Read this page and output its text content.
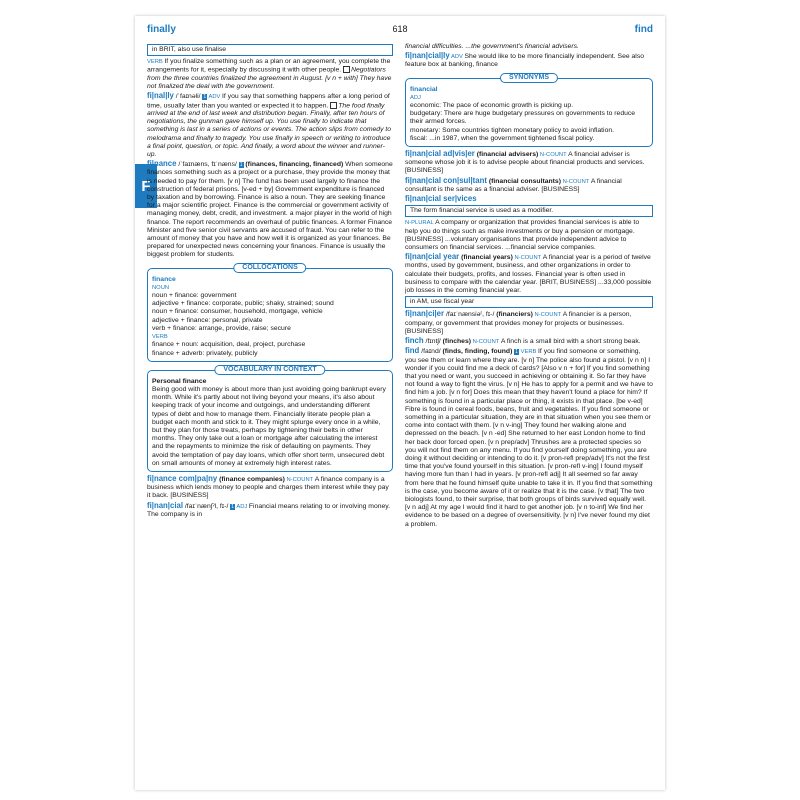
finally	618	find
F
in BRIT, also use finalise

VERB If you finalize something such as a plan or an agreement, you complete the arrangements for it, especially by discussing it with other people. Negotiators from the three countries finalized the agreement in August. [v n + with] They have not finalized the deal with the government.

fi|nal|ly /ˈfaɪnəli/ 1 ADV If you say that something happens after a long period of time, usually later than you wanted or expected it to happen. The food finally arrived at the end of last week and distribution began. Finally, after ten hours of negotiations, the gunman gave himself up. You use finally to indicate that something is last in a series of actions or events. The action slips from comedy to melodrama and finally to tragedy. You use finally in speech or writing to introduce a final point, question, or topic. And finally, a word about the winner and runner-up.

fi|nance /ˈfaɪnæns, fɪˈnæns/ 1 (finances, financing, financed) When someone finances something such as a project or a purchase, they provide the money that is needed to pay for them. [v n] The fund has been used largely to finance the construction of federal prisons. [v-ed + by] Government expenditure is financed by taxation and by borrowing. Finance is also a noun. They are seeking finance for a major scientific project. Finance is the commercial or government activity of managing money, debt, credit, and investment. a major player in the world of high finance. The report recommends an overhaul of public finances. A former Finance Minister and five senior civil servants are accused of fraud. You can refer to the amount of money that you have and how well it is organized as your finances. Be prepared for unexpected news concerning your finances. Finance is usually the biggest problem for students.

COLLOCATIONS
finance
NOUN
noun + finance: government
adjective + finance: corporate, public; shaky, strained; sound
noun + finance: consumer, household, mortgage, vehicle
adjective + finance: personal, private
verb + finance: arrange, provide, raise; secure
VERB
finance + noun: acquisition, deal, project, purchase
finance + adverb: privately, publicly
VOCABULARY IN CONTEXT
Personal finance
Being good with money is about more than just avoiding going bankrupt every month. While it's partly about not living beyond your means, it's also about keeping track of your income and outgoings, and understanding different types of debt and how to manage them. Financially literate people plan a budget each month and stick to it. They might splurge every once in a while, but they plan for those treats, perhaps by tightening their belts in other months. They only take out a loan or mortgage after calculating the interest and the repayments to minimize the risk of defaulting on payments. They avoid the temptation of pay day loans, which offer short term, unsecured debt on small amounts of money at extremely high interest rates.

fi|nance com|pa|ny (finance companies) N-COUNT A finance company is a business which lends money to people and charges them interest while they pay it back. [BUSINESS]

fi|nan|cial /faɪˈnænʃˀl, fɪ-/ 1 ADJ Financial means relating to or involving money. The company is in

financial difficulties. ...the government's financial advisers.

fi|nan|cial|ly ADV She would like to be more financially independent. See also feature box at banking, finance

SYNONYMS
financial
ADJ
economic: The pace of economic growth is picking up.
budgetary: There are huge budgetary pressures on governments to reduce their armed forces.
monetary: Some countries tighten monetary policy to avoid inflation.
fiscal: ...in 1987, when the government tightened fiscal policy.

fi|nan|cial ad|vis|er (financial advisers) N-COUNT A financial adviser is someone whose job it is to advise people about financial products and services. [BUSINESS]

fi|nan|cial con|sul|tant (financial consultants) N-COUNT A financial consultant is the same as a financial adviser. [BUSINESS]

fi|nan|cial ser|vices

The form financial service is used as a modifier.

N-PLURAL A company or organization that provides financial services is able to help you do things such as make investments or buy a pension or mortgage. [BUSINESS] ...voluntary organisations that provide independent advice to consumers on financial services. ...financial service companies.

fi|nan|cial year (financial years) N-COUNT A financial year is a period of twelve months, used by government, business, and other organizations in order to calculate their budgets, profits, and losses. Financial year is often used in business to compare with the calendar year. [BRIT, BUSINESS] ...33,000 possible job losses in the coming financial year.

in AM, use fiscal year

fi|nan|ci|er /faɪˈnænsiəʳ, fɪ-/ (financiers) N-COUNT A financier is a person, company, or government that provides money for projects or businesses. [BUSINESS]

finch /fɪntʃ/ (finches) N-COUNT A finch is a small bird with a short strong beak.

find /faɪnd/ (finds, finding, found) 1 VERB If you find someone or something, you see them or learn where they are. [v n] The police also found a pistol. [v n n] I wonder if you could find me a deck of cards? [Also v n + for] If you find something that you need or want, you succeed in achieving or obtaining it. So far they have not found a way to fight the virus. [v n] He has to apply for a permit and we have to find him a job. [v n for] Does this mean that they haven't found a place for him? If something is found in a particular place or thing, it exists in that place. [be v-ed] Fibre is found in cereal foods, beans, fruit and vegetables. If you find someone or something in a particular situation, they are in that situation when you see them or come into contact with them. [v n v-ing] They found her walking alone and depressed on the beach. [v n -ed] She returned to her east London home to find her back door forced open. [v n prep/adv] Thrushes are a protected species so you will not find them on any menu. If you find yourself doing something, you are doing it without deciding or intending to do it. [v pron-refl prep/adv] It's not the first time that you've found yourself in this situation. [v pron-refl v-ing] I found myself having more fun than I had in years. [v pron-refl adj] It all seemed so far away from here that he found himself quite unable to take it in. If you find that something is the case, you become aware of it or realize that it is the case. [v that] The two biologists found, to their surprise, that both groups of birds survived equally well. [v n adj] At my age I would find it hard to get another job. [v n to-inf] We find her evidence to be based on a degree of oversensitivity. [v n] I've never found my diet a problem.
